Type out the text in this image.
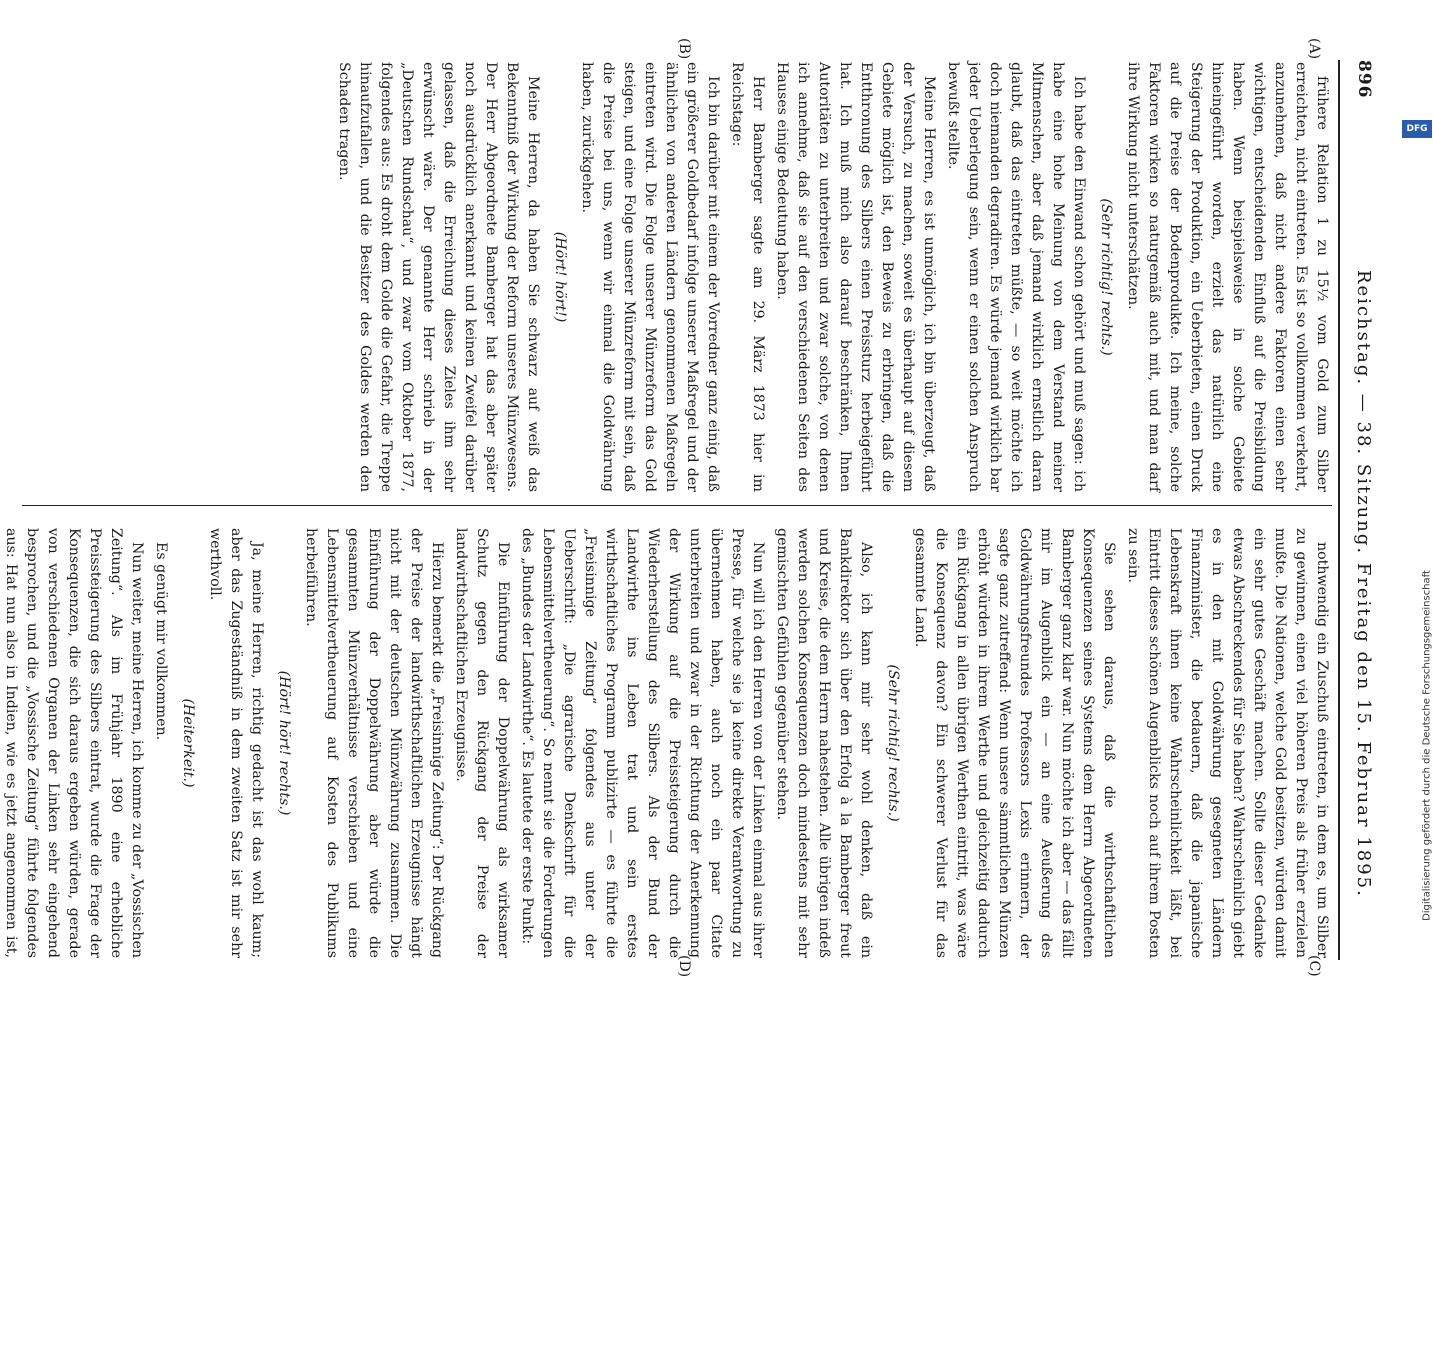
896
Reichstag. — 38. Sitzung. Freitag den 15. Februar 1895.
(A)
(B)
(C)
(D)

frühere Relation 1 zu 15½ vom Gold zum Silber erreichten, nicht eintreten. Es ist so vollkommen verkehrt, anzunehmen, daß nicht andere Faktoren einen sehr wichtigen, entscheidenden Einfluß auf die Preisbildung haben. Wenn beispielsweise in solche Gebiete hineingeführt worden, erzielt das natürlich eine Steigerung der Produktion, ein Ueberbieten, einen Druck auf die Preise der Bodenprodukte. Ich meine, solche Faktoren wirken so naturgemäß auch mit, und man darf ihre Wirkung nicht unterschätzen.

(Sehr richtig! rechts.)

Ich habe den Einwand schon gehört und muß sagen: ich habe eine hohe Meinung von dem Verstand meiner Mitmenschen, aber daß jemand wirklich ernstlich daran glaubt, daß das eintreten müßte, — so weit möchte ich doch niemanden degradiren. Es würde jemand wirklich bar jeder Ueberlegung sein, wenn er einen solchen Anspruch bewußt stellte.

Meine Herren, es ist unmöglich, ich bin überzeugt, daß der Versuch, zu machen, soweit es überhaupt auf diesem Gebiete möglich ist, den Beweis zu erbringen, daß die Entthronung des Silbers einen Preissturz herbeigeführt hat. Ich muß mich also darauf beschränken, Ihnen Autoritäten zu unterbreiten und zwar solche, von denen ich annehme, daß sie auf den verschiedenen Seiten des Hauses einige Bedeutung haben.

Herr Bamberger sagte am 29. März 1873 hier im Reichstage:

Ich bin darüber mit einem der Vorredner ganz einig, daß ein größerer Goldbedarf infolge unserer Maßregel und der ähnlichen von anderen Ländern genommenen Maßregeln eintreten wird. Die Folge unserer Münzreform das Gold steigen, und eine Folge unserer Münzreform mit sein, daß die Preise bei uns, wenn wir einmal die Goldwährung haben, zurückgehen.

(Hört! hört!)

Meine Herren, da haben Sie schwarz auf weiß das Bekenntniß der Wirkung der Reform unseres Münzwesens. Der Herr Abgeordnete Bamberger hat das aber später noch ausdrücklich anerkannt und keinen Zweifel darüber gelassen, daß die Erreichung dieses Zieles ihm sehr erwünscht wäre. Der genannte Herr schrieb in der „Deutschen Rundschau“, und zwar vom Oktober 1877, folgendes aus: Es droht dem Golde die Gefahr, die Treppe hinaufzufallen, und die Besitzer des Goldes werden den Schaden tragen.

nothwendig ein Zuschuß eintreten, in dem es, um Silber zu gewinnen, einen viel höheren Preis als früher erzielen mußte. Die Nationen, welche Gold besitzen, würden damit ein sehr gutes Geschäft machen. Sollte dieser Gedanke etwas Abschreckendes für Sie haben? Wahrscheinlich giebt es in den mit Goldwährung gesegneten Ländern Finanzminister, die bedauern, daß die japanische Lebenskraft ihnen keine Wahrscheinlichkeit läßt, bei Eintritt dieses schönen Augenblicks noch auf ihrem Posten zu sein.

Sie sehen daraus, daß die wirthschaftlichen Konsequenzen seines Systems dem Herrn Abgeordneten Bamberger ganz klar war. Nun möchte ich aber — das fällt mir im Augenblick ein — an eine Aeußerung des Goldwährungsfreundes Professors Lexis erinnern, der sagte ganz zutreffend: Wenn unsere sämmtlichen Münzen erhöht würden in ihrem Werthe und gleichzeitig dadurch ein Rückgang in allen übrigen Werthen eintritt, was wäre die Konsequenz davon? Ein schwerer Verlust für das gesammte Land.

(Sehr richtig! rechts.)

Also, ich kann mir sehr wohl denken, daß ein Bankdirektor sich über den Erfolg à la Bamberger freut und Kreise, die dem Herrn nahestehen. Alle übrigen indeß werden solchen Konsequenzen doch mindestens mit sehr gemischten Gefühlen gegenüber stehen.

Nun will ich den Herren von der Linken einmal aus ihrer Presse, für welche sie ja keine direkte Verantwortung zu übernehmen haben, auch noch ein paar Citate unterbreiten und zwar in der Richtung der Anerkennung der Wirkung auf die Preissteigerung durch die Wiederherstellung des Silbers. Als der Bund der Landwirthe ins Leben trat und sein erstes wirthschaftliches Programm publizirte — es führte die „Freisinnige Zeitung“ folgendes aus unter der Ueberschrift: „Die agrarische Denkschrift für die Lebensmittelvertheuerung“. So nennt sie die Forderungen des „Bundes der Landwirthe“. Es lautete der erste Punkt:

Die Einführung der Doppelwährung als wirksamer Schutz gegen den Rückgang der Preise der landwirthschaftlichen Erzeugnisse.

Hierzu bemerkt die „Freisinnige Zeitung“: Der Rückgang der Preise der landwirthschaftlichen Erzeugnisse hängt nicht mit der deutschen Münzwährung zusammen. Die Einführung der Doppelwährung aber würde die gesammten Münzverhältnisse verschieben und eine Lebensmittelvertheuerung auf Kosten des Publikums herbeiführen.

(Hört! hört! rechts.)

Ja, meine Herren, richtig gedacht ist das wohl kaum; aber das Zugeständniß in dem zweiten Satz ist mir sehr werthvoll.

(Heiterkeit.)

Es genügt mir vollkommen.

Nun weiter, meine Herren, ich komme zu der „Vossischen Zeitung“. Als im Frühjahr 1890 eine erhebliche Preissteigerung des Silbers eintrat, wurde die Frage der Konsequenzen, die sich daraus ergeben würden, gerade von verschiedenen Organen der Linken sehr eingehend besprochen, und die „Vossische Zeitung“ führte folgendes aus: Hat nun also in Indien, wie es jetzt angenommen ist,

DFG
Digitalisierung gefördert durch die Deutsche Forschungsgemeinschaft
